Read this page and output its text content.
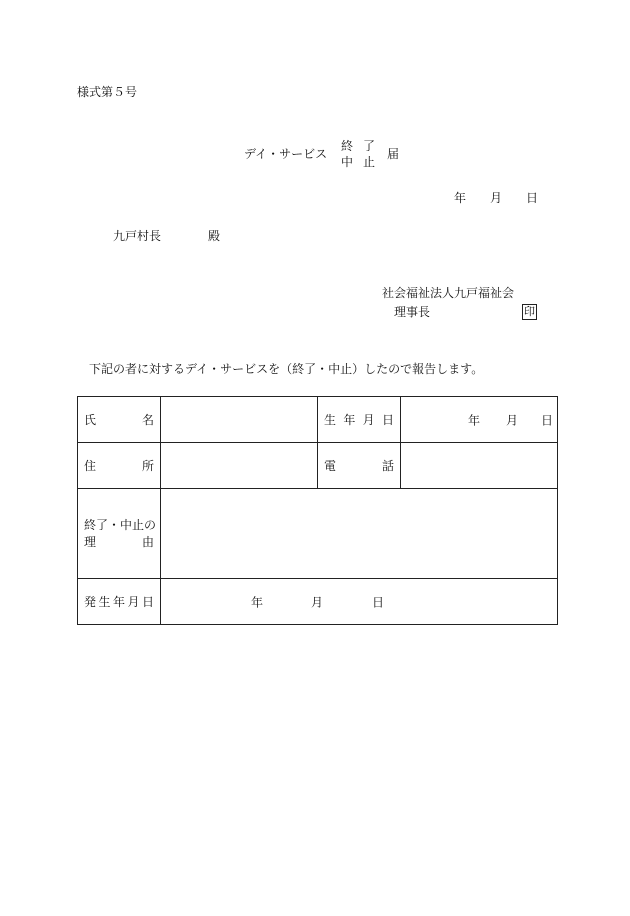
様式第５号
デイ・サービス
終 了
中 止
届
年 月 日
九戸村長	殿
社会福祉法人九戸福祉会
理事長	印
下記の者に対するデイ・サービスを（終了・中止）したので報告します。
氏 名		生 年 月 日	年 月 日

住 所		電 話	

終了・中止の
理 由			

発 生 年 月 日	年 月 日		
